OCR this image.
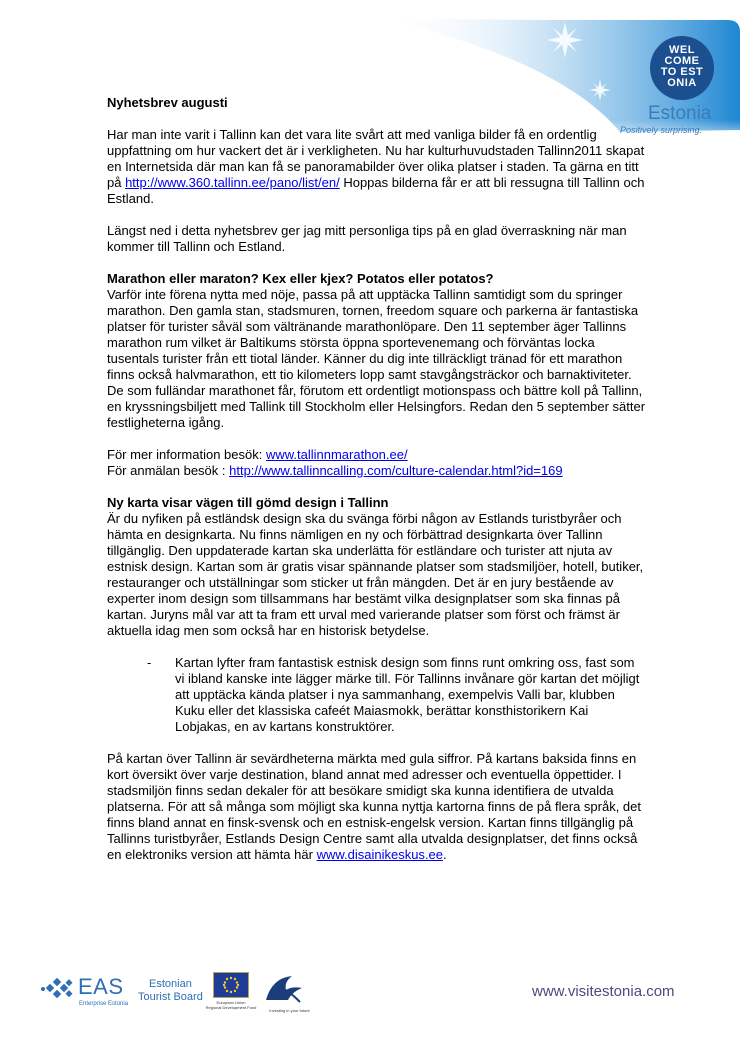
WEL
COME
TO EST
ONIA
Estonia
Positively surprising.

Nyhetsbrev augusti

Har man inte varit i Tallinn kan det vara lite svårt att med vanliga bilder få en ordentlig uppfattning om hur vackert det är i verkligheten. Nu har kulturhuvudstaden Tallinn2011 skapat en Internetsida där man kan få se panoramabilder över olika platser i staden. Ta gärna en titt på http://www.360.tallinn.ee/pano/list/en/ Hoppas bilderna får er att bli ressugna till Tallinn och Estland.

Längst ned i detta nyhetsbrev ger jag mitt personliga tips på en glad överraskning när man kommer till Tallinn och Estland.

Marathon eller maraton? Kex eller kjex? Potatos eller potatos?

Varför inte förena nytta med nöje, passa på att upptäcka Tallinn samtidigt som du springer marathon. Den gamla stan, stadsmuren, tornen, freedom square och parkerna är fantastiska platser för turister såväl som vältränande marathonlöpare. Den 11 september äger Tallinns marathon rum vilket är Baltikums största öppna sportevenemang och förväntas locka tusentals turister från ett tiotal länder. Känner du dig inte tillräckligt tränad för ett marathon finns också halvmarathon, ett tio kilometers lopp samt stavgångsträckor och barnaktiviteter. De som fulländar marathonet får, förutom ett ordentligt motionspass och bättre koll på Tallinn, en kryssningsbiljett med Tallink till Stockholm eller Helsingfors. Redan den 5 september sätter festligheterna igång.

För mer information besök: www.tallinnmarathon.ee/

För anmälan besök : http://www.tallinncalling.com/culture-calendar.html?id=169

Ny karta visar vägen till gömd design i Tallinn

Är du nyfiken på estländsk design ska du svänga förbi någon av Estlands turistbyråer och hämta en designkarta. Nu finns nämligen en ny och förbättrad designkarta över Tallinn tillgänglig. Den uppdaterade kartan ska underlätta för estländare och turister att njuta av estnisk design. Kartan som är gratis visar spännande platser som stadsmiljöer, hotell, butiker, restauranger och utställningar som sticker ut från mängden. Det är en jury bestående av experter inom design som tillsammans har bestämt vilka designplatser som ska finnas på kartan. Juryns mål var att ta fram ett urval med varierande platser som först och främst är aktuella idag men som också har en historisk betydelse.

-	Kartan lyfter fram fantastisk estnisk design som finns runt omkring oss, fast som vi ibland kanske inte lägger märke till. För Tallinns invånare gör kartan det möjligt att upptäcka kända platser i nya sammanhang, exempelvis Valli bar, klubben Kuku eller det klassiska cafeét Maiasmokk, berättar konsthistorikern Kai Lobjakas, en av kartans konstruktörer.

På kartan över Tallinn är sevärdheterna märkta med gula siffror. På kartans baksida finns en kort översikt över varje destination, bland annat med adresser och eventuella öppettider. I stadsmiljön finns sedan dekaler för att besökare smidigt ska kunna identifiera de utvalda platserna. För att så många som möjligt ska kunna nyttja kartorna finns de på flera språk, det finns bland annat en finsk-svensk och en estnisk-engelsk version. Kartan finns tillgänglig på Tallinns turistbyråer, Estlands Design Centre samt alla utvalda designplatser, det finns också en elektroniks version att hämta här www.disainikeskus.ee.

EAS
Enterprise Estonia
Estonian
Tourist Board	European Union
Regional Development Fund
Investing in your future
www.visitestonia.com
